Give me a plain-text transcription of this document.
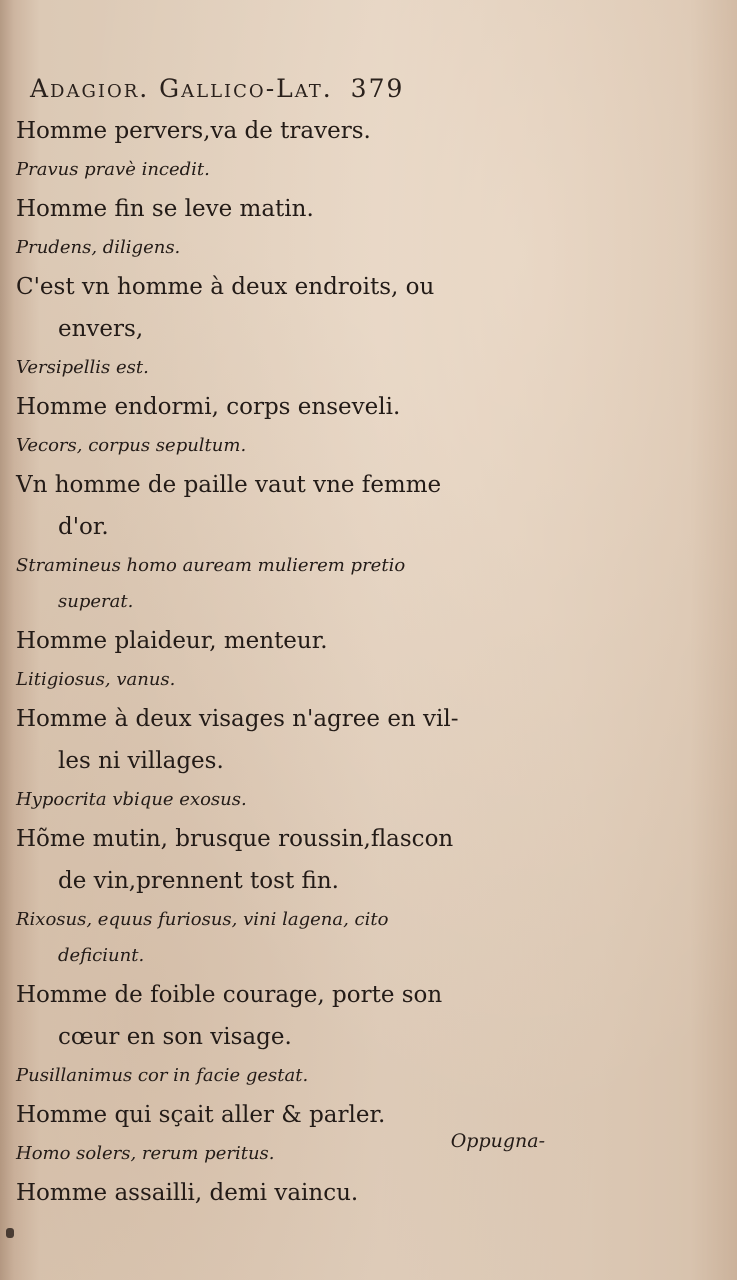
Adagior. Gallico-Lat. 379
Homme pervers,va de travers.
Pravus pravè incedit.
Homme fin se leve matin.
Prudens, diligens.
C'est vn homme à deux endroits, ou
envers,
Versipellis est.
Homme endormi, corps enseveli.
Vecors, corpus sepultum.
Vn homme de paille vaut vne femme
d'or.
Stramineus homo auream mulierem pretio
superat.
Homme plaideur, menteur.
Litigiosus, vanus.
Homme à deux visages n'agree en vil-
les ni villages.
Hypocrita vbique exosus.
Hõme mutin, brusque roussin,flascon
de vin,prennent tost fin.
Rixosus, equus furiosus, vini lagena, cito
deficiunt.
Homme de foible courage, porte son
cœur en son visage.
Pusillanimus cor in facie gestat.
Homme qui sçait aller & parler.
Homo solers, rerum peritus.
Homme assailli, demi vaincu.
Oppugna-
